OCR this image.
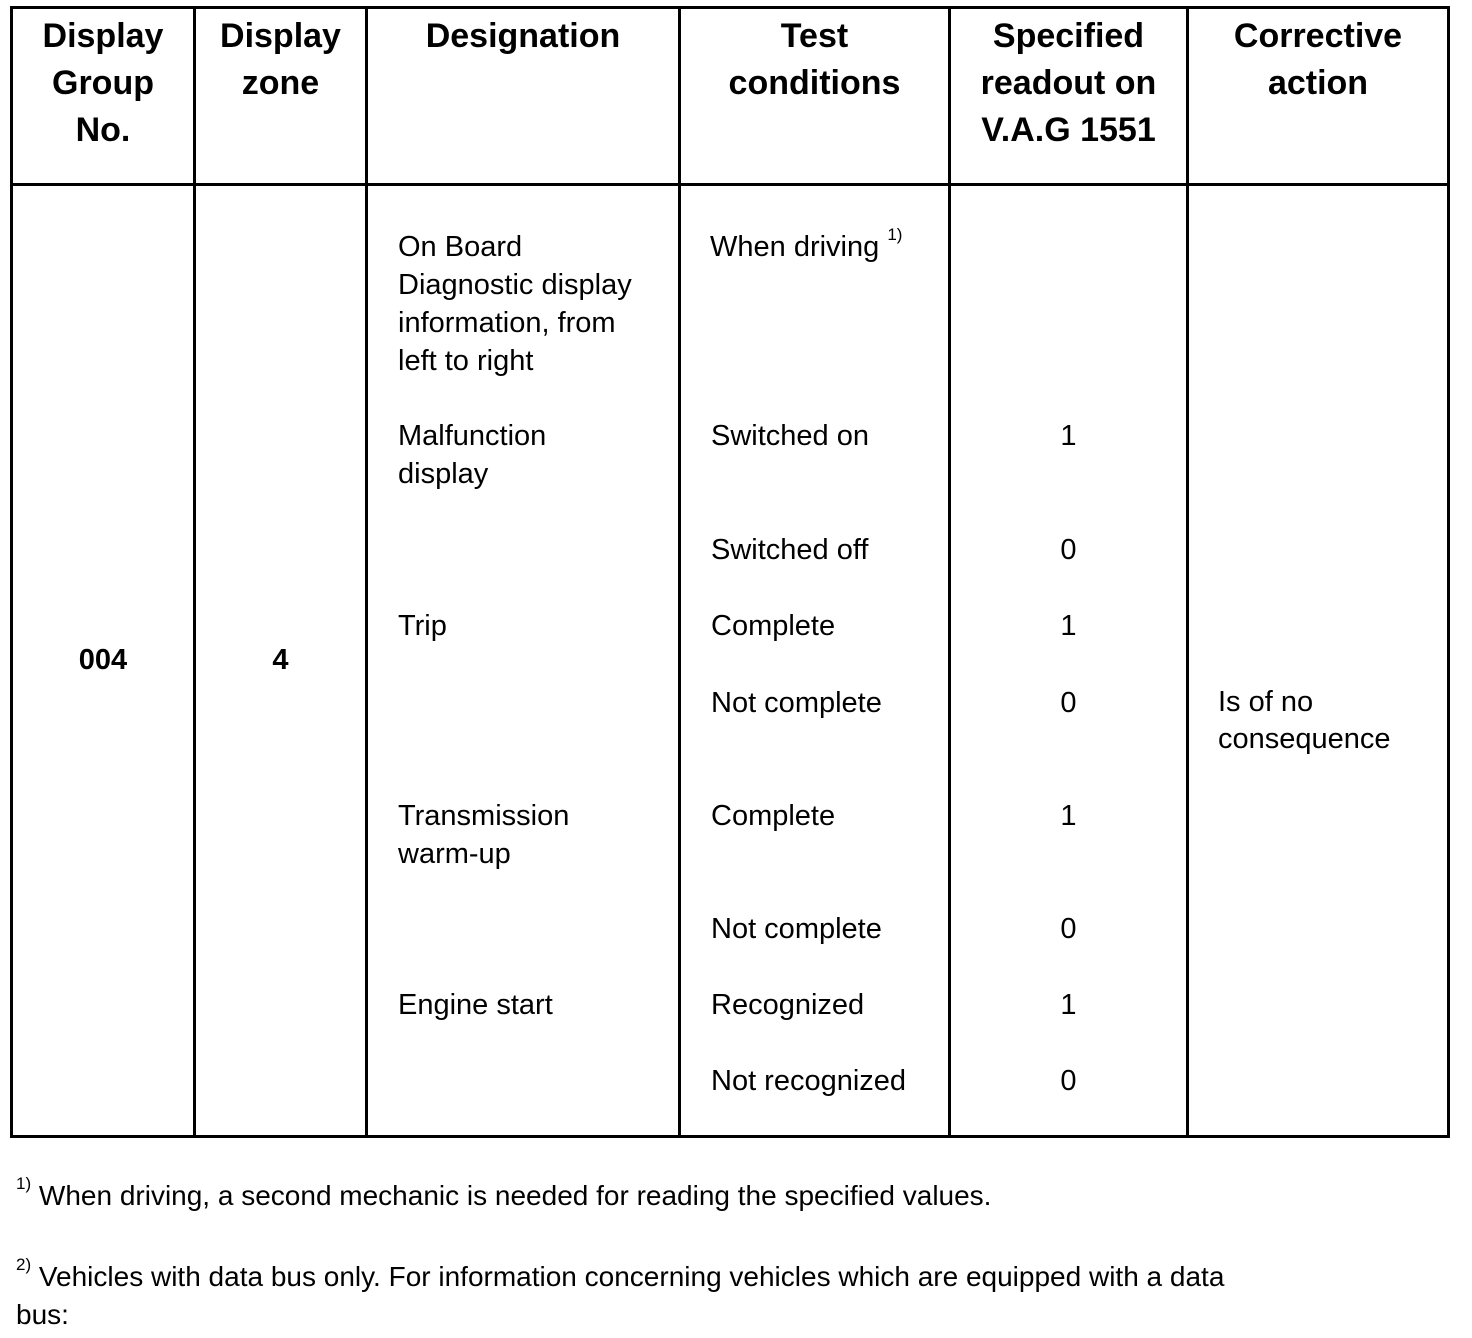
Display
Group
No.
Display
zone
Designation	Test
conditions
Specified
readout on
V.A.G 1551
Corrective
action
004	4
On Board
Diagnostic display
information, from
left to right
Malfunction
display
Trip
Transmission
warm-up
Engine start
When driving $^{1)}$
Switched on
Switched off
Complete
Not complete
Complete
Not complete
Recognized
Not recognized
1
0
1
0
1
0
1
0
Is of no
consequence
$^{1)}$ When driving, a second mechanic is needed for reading the specified values.
$^{2)}$ Vehicles with data bus only. For information concerning vehicles which are equipped with a data
bus:
